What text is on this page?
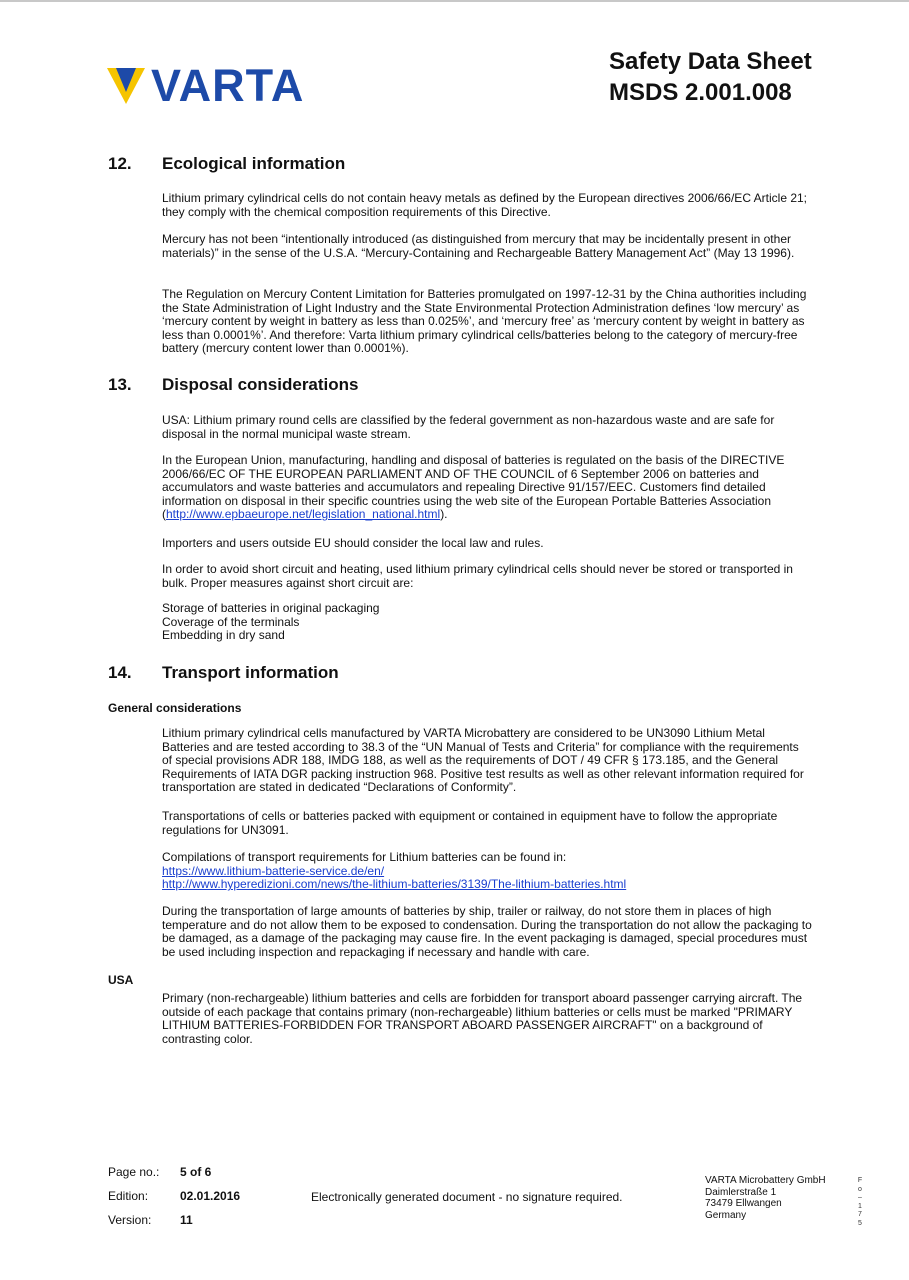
VARTA	Safety Data Sheet
MSDS 2.001.008
12. Ecological information

Lithium primary cylindrical cells do not contain heavy metals as defined by the European directives 2006/66/EC Article 21; they comply with the chemical composition requirements of this Directive.

Mercury has not been “intentionally introduced (as distinguished from mercury that may be incidentally present in other materials)” in the sense of the U.S.A. “Mercury-Containing and Rechargeable Battery Management Act” (May 13 1996).

The Regulation on Mercury Content Limitation for Batteries promulgated on 1997-12-31 by the China authorities including the State Administration of Light Industry and the State Environmental Protection Administration defines ‘low mercury’ as ‘mercury content by weight in battery as less than 0.025%’, and ‘mercury free’ as ‘mercury content by weight in battery as less than 0.0001%’. And therefore: Varta lithium primary cylindrical cells/batteries belong to the category of mercury-free battery (mercury content lower than 0.0001%).

13. Disposal considerations

USA: Lithium primary round cells are classified by the federal government as non-hazardous waste and are safe for disposal in the normal municipal waste stream.

In the European Union, manufacturing, handling and disposal of batteries is regulated on the basis of the DIRECTIVE 2006/66/EC OF THE EUROPEAN PARLIAMENT AND OF THE COUNCIL of 6 September 2006 on batteries and accumulators and waste batteries and accumulators and repealing Directive 91/157/EEC. Customers find detailed information on disposal in their specific countries using the web site of the European Portable Batteries Association (http://www.epbaeurope.net/legislation_national.html).

Importers and users outside EU should consider the local law and rules.

In order to avoid short circuit and heating, used lithium primary cylindrical cells should never be stored or transported in bulk. Proper measures against short circuit are:

Storage of batteries in original packaging
Coverage of the terminals
Embedding in dry sand
14. Transport information
General considerations

Lithium primary cylindrical cells manufactured by VARTA Microbattery are considered to be UN3090 Lithium Metal Batteries and are tested according to 38.3 of the “UN Manual of Tests and Criteria” for compliance with the requirements of special provisions ADR 188, IMDG 188, as well as the requirements of DOT / 49 CFR § 173.185, and the General Requirements of IATA DGR packing instruction 968. Positive test results as well as other relevant information required for transportation are stated in dedicated “Declarations of Conformity”.

Transportations of cells or batteries packed with equipment or contained in equipment have to follow the appropriate regulations for UN3091.

Compilations of transport requirements for Lithium batteries can be found in:
https://www.lithium-batterie-service.de/en/
http://www.hyperedizioni.com/news/the-lithium-batteries/3139/The-lithium-batteries.html

During the transportation of large amounts of batteries by ship, trailer or railway, do not store them in places of high temperature and do not allow them to be exposed to condensation. During the transportation do not allow the packaging to be damaged, as a damage of the packaging may cause fire. In the event packaging is damaged, special procedures must be used including inspection and repackaging if necessary and handle with care.

USA

Primary (non-rechargeable) lithium batteries and cells are forbidden for transport aboard passenger carrying aircraft. The outside of each package that contains primary (non-rechargeable) lithium batteries or cells must be marked "PRIMARY LITHIUM BATTERIES-FORBIDDEN FOR TRANSPORT ABOARD PASSENGER AIRCRAFT" on a background of contrasting color.

Page no.: 5 of 6
Edition:	02.01.2016
Version: 11
Electronically generated document - no signature required.
VARTA Microbattery GmbH
Daimlerstraße 1
73479 Ellwangen
Germany
F
o
–
1
7
5
